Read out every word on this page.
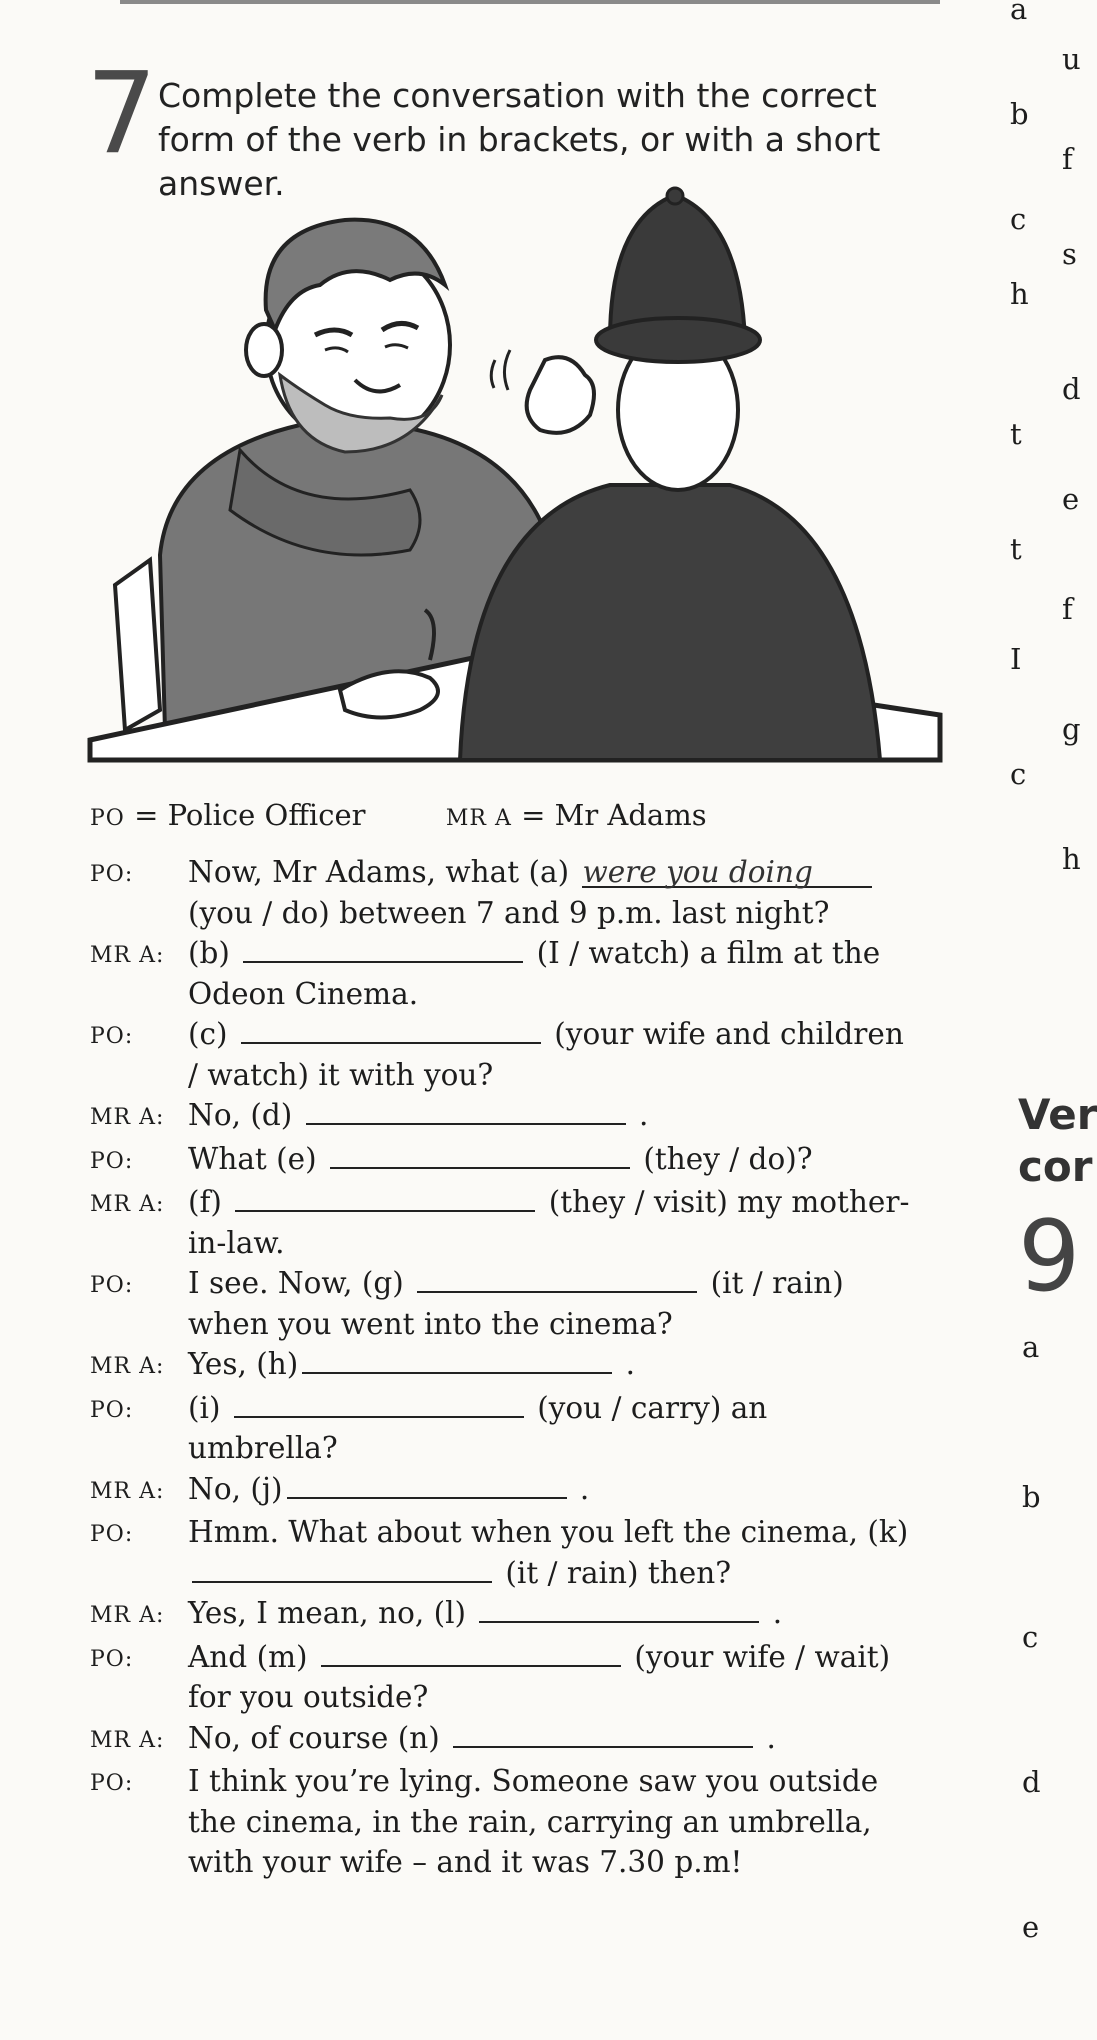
7 Complete the conversation with the correct form of the verb in brackets, or with a short answer.
PO = Police Officer	MR A = Mr Adams
PO:	Now, Mr Adams, what (a) were you doing (you / do) between 7 and 9 p.m. last night?
MR A: (b)	(I / watch) a film at the Odeon Cinema.
PO:	(c)	(your wife and children / watch) it with you?
MR A: No, (d)	.
PO:	What (e)	(they / do)?
MR A: (f)	(they / visit) my mother-in-law.
PO:	I see. Now, (g)	(it / rain) when you went into the cinema?
MR A: Yes, (h)	.
PO:	(i)	(you / carry) an umbrella?
MR A: No, (j)	.
PO:	Hmm. What about when you left the cinema, (k)  (it / rain) then?
MR A: Yes, I mean, no, (l)	.
PO:	And (m)	(your wife / wait) for you outside?
MR A: No, of course (n)	.
PO:	I think you’re lying. Someone saw you outside the cinema, in the rain, carrying an umbrella, with your wife – and it was 7.30 p.m!
a
u
b
f
c
s
h
d
t
e
t
f
I
g
c
h
Ver
cor
9
a
b
c
d
e
